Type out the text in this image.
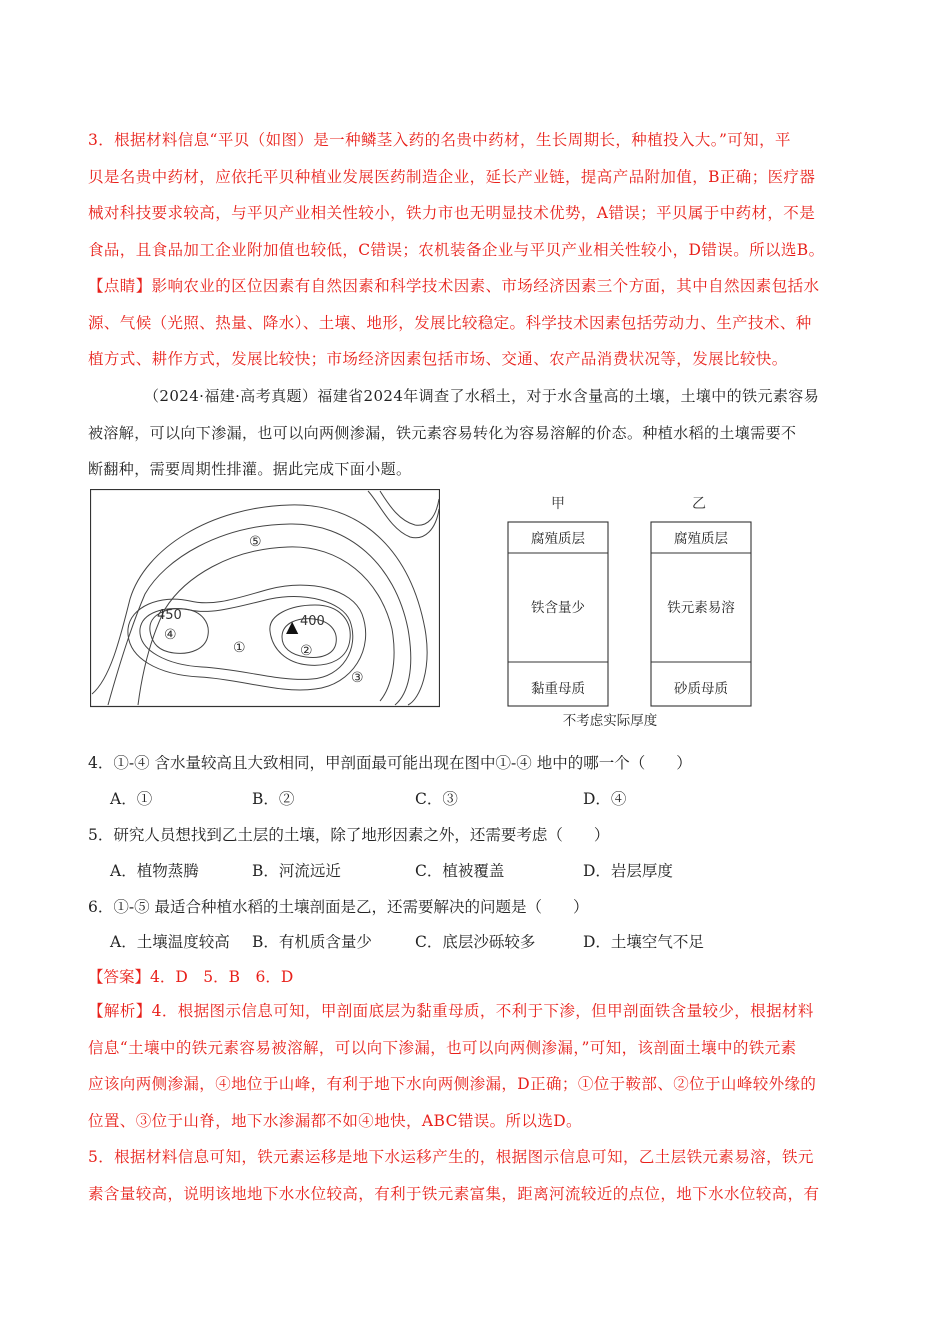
3．根据材料信息“平贝（如图）是一种鳞茎入药的名贵中药材，生长周期长，种植投入大。”可知，平
贝是名贵中药材，应依托平贝种植业发展医药制造企业，延长产业链，提高产品附加值，B正确；医疗器
械对科技要求较高，与平贝产业相关性较小，铁力市也无明显技术优势，A错误；平贝属于中药材，不是
食品，且食品加工企业附加值也较低，C错误；农机装备企业与平贝产业相关性较小，D错误。所以选B。
【点睛】影响农业的区位因素有自然因素和科学技术因素、市场经济因素三个方面，其中自然因素包括水
源、气候（光照、热量、降水）、土壤、地形，发展比较稳定。科学技术因素包括劳动力、生产技术、种
植方式、耕作方式，发展比较快；市场经济因素包括市场、交通、农产品消费状况等，发展比较快。
（2024·福建·高考真题）福建省2024年调查了水稻土，对于水含量高的土壤，土壤中的铁元素容易
被溶解，可以向下渗漏，也可以向两侧渗漏，铁元素容易转化为容易溶解的价态。种植水稻的土壤需要不
断翻种，需要周期性排灌。据此完成下面小题。
450	400
▲
⑤
④
①	②
③
甲	乙
腐殖质层
铁含量少
黏重母质
腐殖质层
铁元素易溶
砂质母质
不考虑实际厚度
4．①-④ 含水量较高且大致相同，甲剖面最可能出现在图中①-④ 地中的哪一个（　　）
A．①	B．②	C．③	D．④
5．研究人员想找到乙土层的土壤，除了地形因素之外，还需要考虑（　　）
A．植物蒸腾	B．河流远近	C．植被覆盖	D．岩层厚度
6．①-⑤ 最适合种植水稻的土壤剖面是乙，还需要解决的问题是（　　）
A．土壤温度较高 B．有机质含量少	C．底层沙砾较多	D．土壤空气不足
【答案】4．D　5．B　6．D
【解析】4．根据图示信息可知，甲剖面底层为黏重母质，不利于下渗，但甲剖面铁含量较少，根据材料
信息“土壤中的铁元素容易被溶解，可以向下渗漏，也可以向两侧渗漏，”可知，该剖面土壤中的铁元素
应该向两侧渗漏，④地位于山峰，有利于地下水向两侧渗漏，D正确；①位于鞍部、②位于山峰较外缘的
位置、③位于山脊，地下水渗漏都不如④地快，ABC错误。所以选D。
5．根据材料信息可知，铁元素运移是地下水运移产生的，根据图示信息可知，乙土层铁元素易溶，铁元
素含量较高，说明该地地下水水位较高，有利于铁元素富集，距离河流较近的点位，地下水水位较高，有
